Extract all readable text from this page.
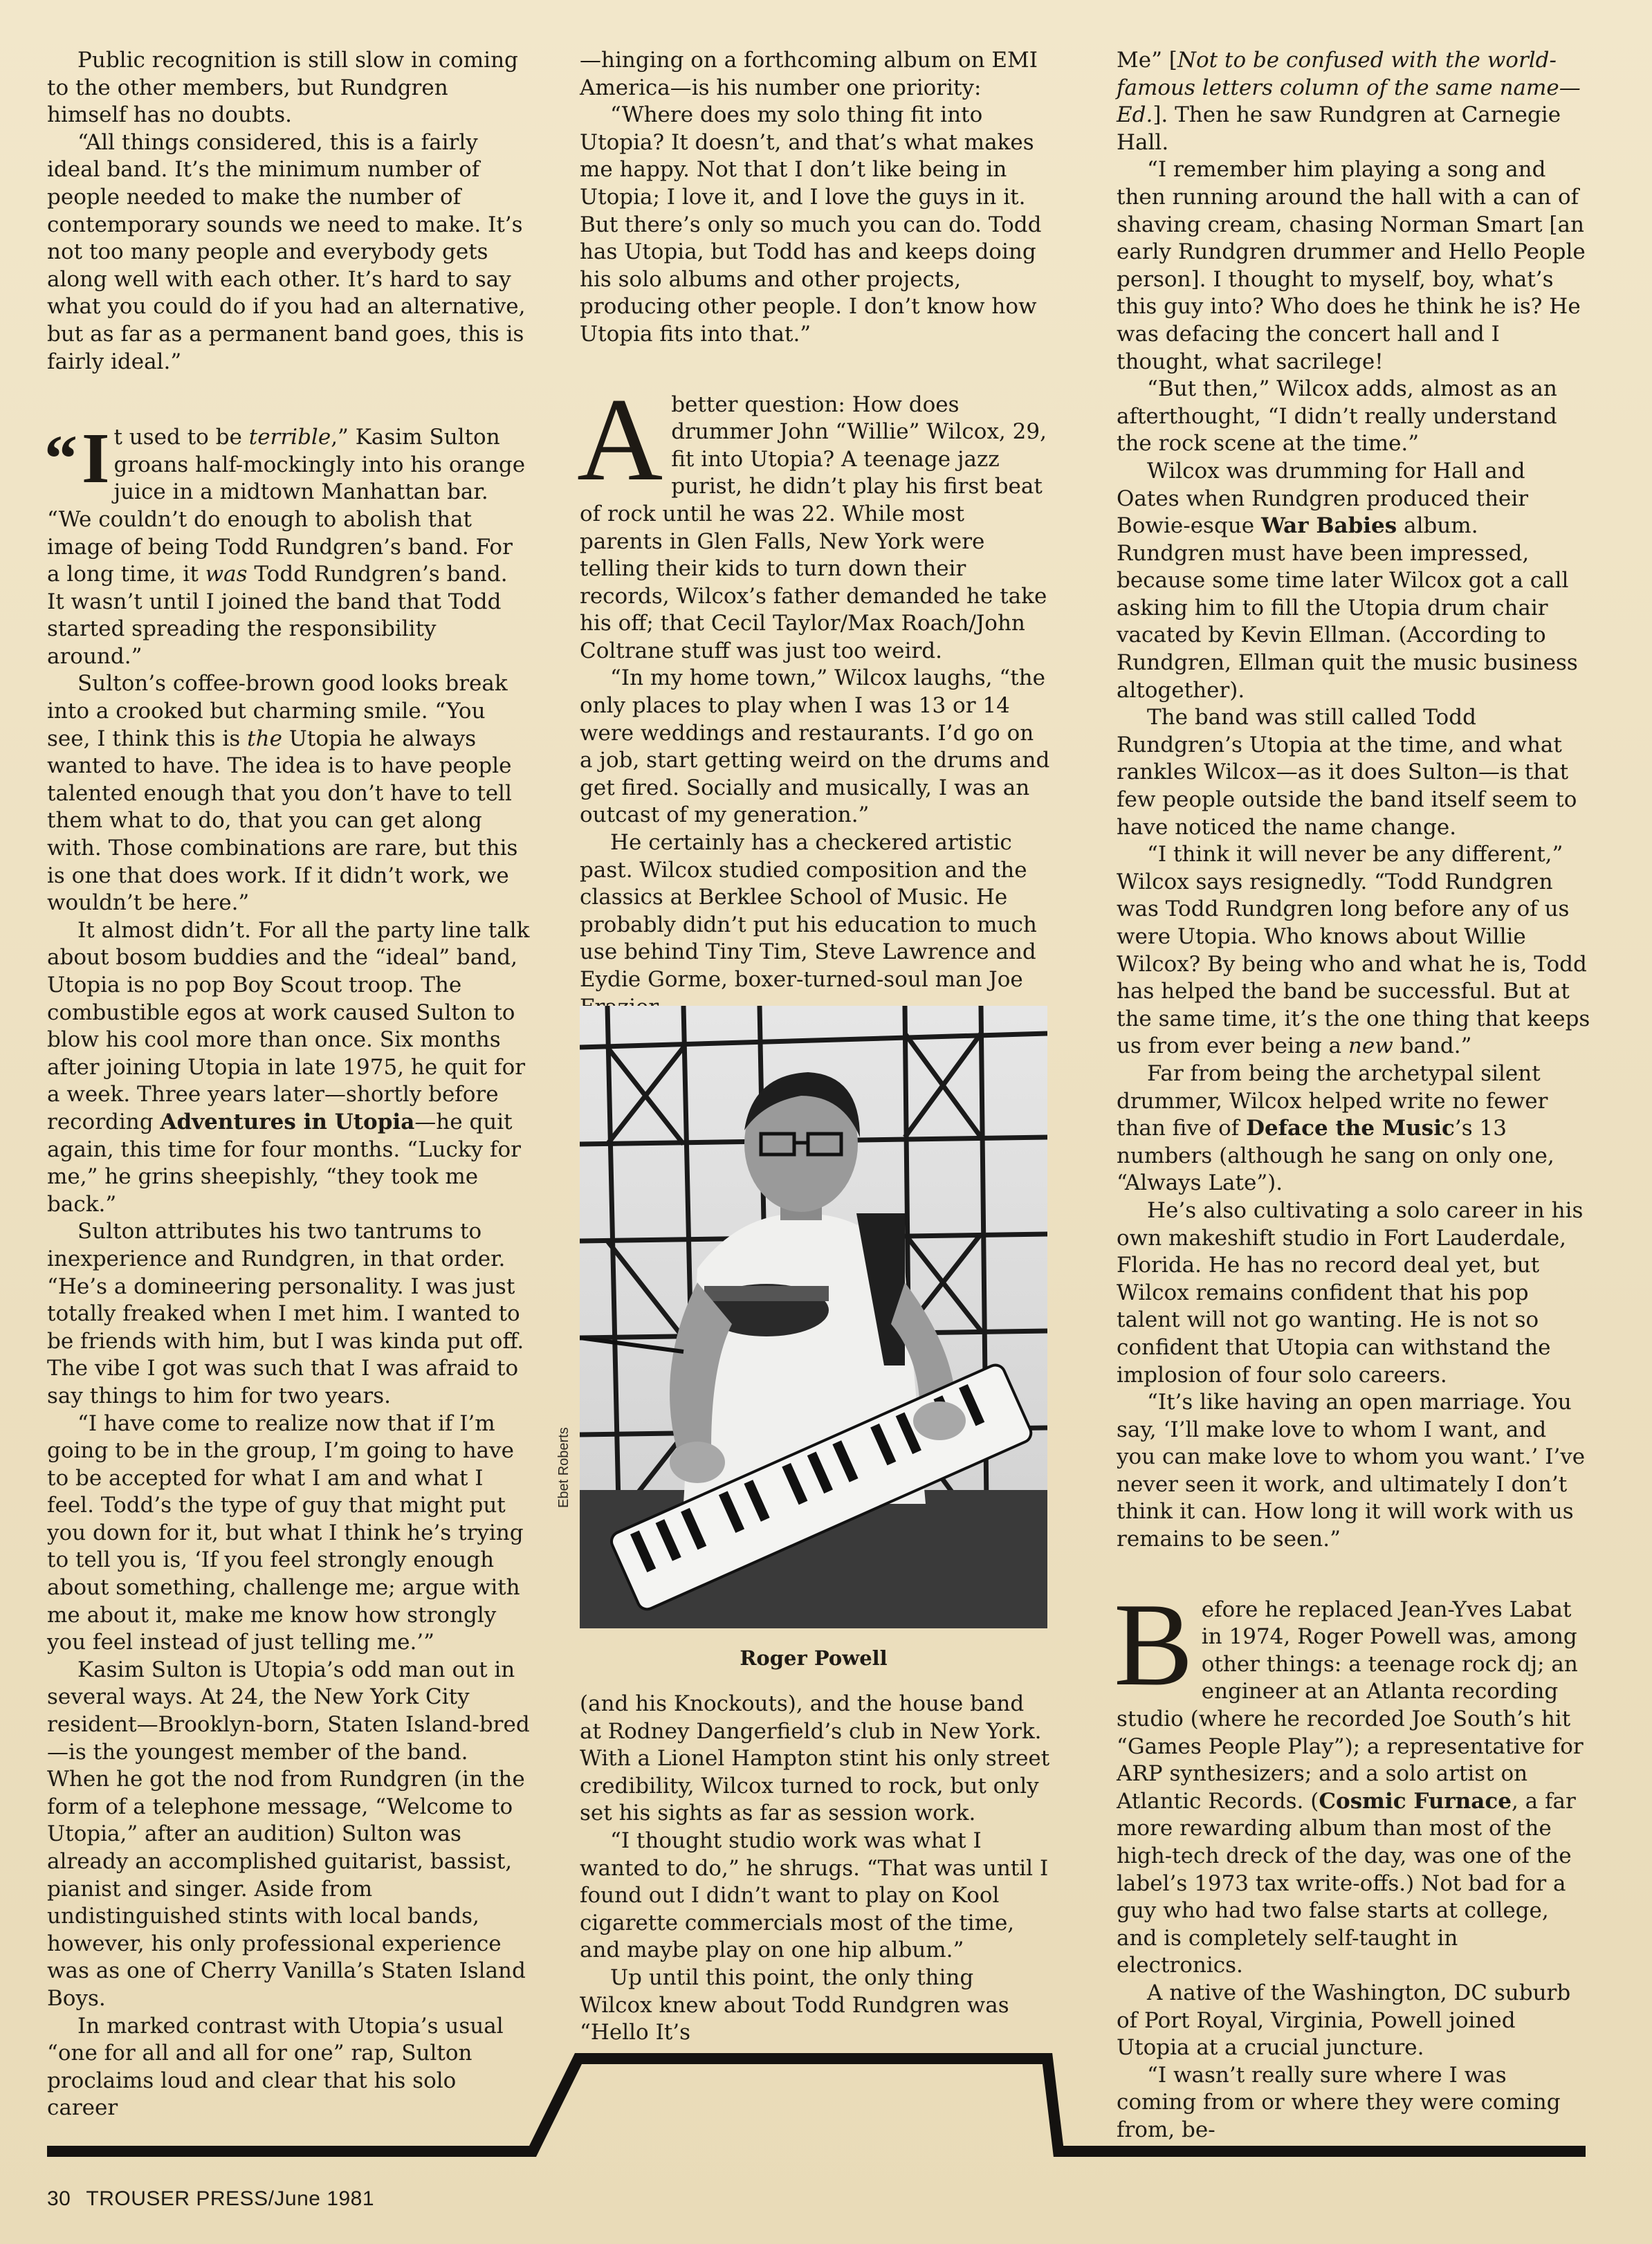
Public recognition is still slow in coming to the other members, but Rundgren himself has no doubts.

“All things considered, this is a fairly ideal band. It’s the minimum number of people needed to make the number of contemporary sounds we need to make. It’s not too many people and everybody gets along well with each other. It’s hard to say what you could do if you had an alternative, but as far as a permanent band goes, this is fairly ideal.”

“I t used to be terrible,” Kasim Sulton groans half-mockingly into his orange juice in a midtown Manhattan bar. “We couldn’t do enough to abolish that image of being Todd Rundgren’s band. For a long time, it was Todd Rundgren’s band. It wasn’t until I joined the band that Todd started spreading the responsibility around.”

Sulton’s coffee-brown good looks break into a crooked but charming smile. “You see, I think this is the Utopia he always wanted to have. The idea is to have people talented enough that you don’t have to tell them what to do, that you can get along with. Those combinations are rare, but this is one that does work. If it didn’t work, we wouldn’t be here.”

It almost didn’t. For all the party line talk about bosom buddies and the “ideal” band, Utopia is no pop Boy Scout troop. The combustible egos at work caused Sulton to blow his cool more than once. Six months after joining Utopia in late 1975, he quit for a week. Three years later—shortly before recording Adventures in Utopia—he quit again, this time for four months. “Lucky for me,” he grins sheepishly, “they took me back.”

Sulton attributes his two tantrums to inexperience and Rundgren, in that order. “He’s a domineering personality. I was just totally freaked when I met him. I wanted to be friends with him, but I was kinda put off. The vibe I got was such that I was afraid to say things to him for two years.

“I have come to realize now that if I’m going to be in the group, I’m going to have to be accepted for what I am and what I feel. Todd’s the type of guy that might put you down for it, but what I think he’s trying to tell you is, ‘If you feel strongly enough about something, challenge me; argue with me about it, make me know how strongly you feel instead of just telling me.’”

Kasim Sulton is Utopia’s odd man out in several ways. At 24, the New York City resident—Brooklyn-born, Staten Island-bred—is the youngest member of the band. When he got the nod from Rundgren (in the form of a telephone message, “Welcome to Utopia,” after an audition) Sulton was already an accomplished guitarist, bassist, pianist and singer. Aside from undistinguished stints with local bands, however, his only professional experience was as one of Cherry Vanilla’s Staten Island Boys.

In marked contrast with Utopia’s usual “one for all and all for one” rap, Sulton proclaims loud and clear that his solo career

—hinging on a forthcoming album on EMI America—is his number one priority:

“Where does my solo thing fit into Utopia? It doesn’t, and that’s what makes me happy. Not that I don’t like being in Utopia; I love it, and I love the guys in it. But there’s only so much you can do. Todd has Utopia, but Todd has and keeps doing his solo albums and other projects, producing other people. I don’t know how Utopia fits into that.”

A better question: How does drummer John “Willie” Wilcox, 29, fit into Utopia? A teenage jazz purist, he didn’t play his first beat of rock until he was 22. While most parents in Glen Falls, New York were telling their kids to turn down their records, Wilcox’s father demanded he take his off; that Cecil Taylor/Max Roach/John Coltrane stuff was just too weird.

“In my home town,” Wilcox laughs, “the only places to play when I was 13 or 14 were weddings and restaurants. I’d go on a job, start getting weird on the drums and get fired. Socially and musically, I was an outcast of my generation.”

He certainly has a checkered artistic past. Wilcox studied composition and the classics at Berklee School of Music. He probably didn’t put his education to much use behind Tiny Tim, Steve Lawrence and Eydie Gorme, boxer-turned-soul man Joe

Ebet Roberts
Roger Powell

(and his Knockouts), and the house band at Rodney Dangerfield’s club in New York. With a Lionel Hampton stint his only street credibility, Wilcox turned to rock, but only set his sights as far as session work.

“I thought studio work was what I wanted to do,” he shrugs. “That was until I found out I didn’t want to play on Kool cigarette commercials most of the time, and maybe play on one hip album.”

Up until this point, the only thing Wilcox knew about Todd Rundgren was “Hello It’s

Me” [Not to be confused with the world-famous letters column of the same name—Ed.]. Then he saw Rundgren at Carnegie Hall.

“I remember him playing a song and then running around the hall with a can of shaving cream, chasing Norman Smart [an early Rundgren drummer and Hello People person]. I thought to myself, boy, what’s this guy into? Who does he think he is? He was defacing the concert hall and I thought, what sacrilege!

“But then,” Wilcox adds, almost as an afterthought, “I didn’t really understand the rock scene at the time.”

Wilcox was drumming for Hall and Oates when Rundgren produced their Bowie-esque War Babies album. Rundgren must have been impressed, because some time later Wilcox got a call asking him to fill the Utopia drum chair vacated by Kevin Ellman. (According to Rundgren, Ellman quit the music business altogether).

The band was still called Todd Rundgren’s Utopia at the time, and what rankles Wilcox—as it does Sulton—is that few people outside the band itself seem to have noticed the name change.

“I think it will never be any different,” Wilcox says resignedly. “Todd Rundgren was Todd Rundgren long before any of us were Utopia. Who knows about Willie Wilcox? By being who and what he is, Todd has helped the band be successful. But at the same time, it’s the one thing that keeps us from ever being a new band.”

Far from being the archetypal silent drummer, Wilcox helped write no fewer than five of Deface the Music’s 13 numbers (although he sang on only one, “Always Late”).

He’s also cultivating a solo career in his own makeshift studio in Fort Lauderdale, Florida. He has no record deal yet, but Wilcox remains confident that his pop talent will not go wanting. He is not so confident that Utopia can withstand the implosion of four solo careers.

“It’s like having an open marriage. You say, ‘I’ll make love to whom I want, and you can make love to whom you want.’ I’ve never seen it work, and ultimately I don’t think it can. How long it will work with us remains to be seen.”

Before he replaced Jean-Yves Labat in 1974, Roger Powell was, among other things: a teenage rock dj; an engineer at an Atlanta recording studio (where he recorded Joe South’s hit “Games People Play”); a representative for ARP synthesizers; and a solo artist on Atlantic Records. (Cosmic Furnace, a far more rewarding album than most of the high-tech dreck of the day, was one of the label’s 1973 tax write-offs.) Not bad for a guy who had two false starts at college, and is completely self-taught in electronics.

A native of the Washington, DC suburb of Port Royal, Virginia, Powell joined Utopia at a crucial juncture.

“I wasn’t really sure where I was coming from or where they were coming from, be-

30 TROUSER PRESS/June 1981
